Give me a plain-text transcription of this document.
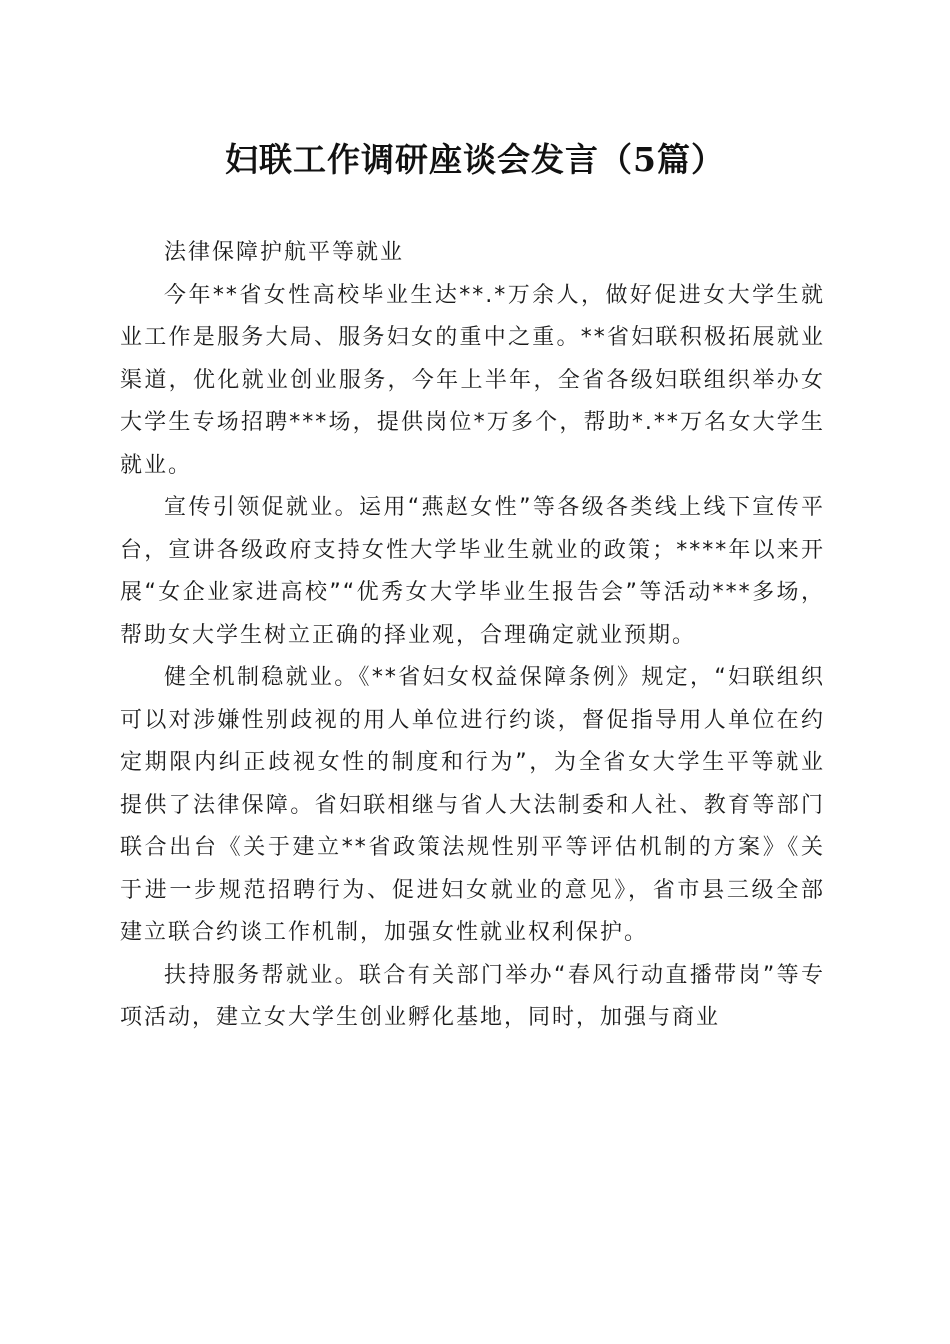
妇联工作调研座谈会发言（5篇）

法律保障护航平等就业

今年**省女性高校毕业生达**.*万余人，做好促进女大学生就业工作是服务大局、服务妇女的重中之重。**省妇联积极拓展就业渠道，优化就业创业服务，今年上半年，全省各级妇联组织举办女大学生专场招聘***场，提供岗位*万多个，帮助*.**万名女大学生就业。

宣传引领促就业。运用“燕赵女性”等各级各类线上线下宣传平台，宣讲各级政府支持女性大学毕业生就业的政策；****年以来开展“女企业家进高校”“优秀女大学毕业生报告会”等活动***多场，帮助女大学生树立正确的择业观，合理确定就业预期。

健全机制稳就业。《**省妇女权益保障条例》规定，“妇联组织可以对涉嫌性别歧视的用人单位进行约谈，督促指导用人单位在约定期限内纠正歧视女性的制度和行为”，为全省女大学生平等就业提供了法律保障。省妇联相继与省人大法制委和人社、教育等部门联合出台《关于建立**省政策法规性别平等评估机制的方案》《关于进一步规范招聘行为、促进妇女就业的意见》，省市县三级全部建立联合约谈工作机制，加强女性就业权利保护。

扶持服务帮就业。联合有关部门举办“春风行动直播带岗”等专项活动，建立女大学生创业孵化基地，同时，加强与商业
